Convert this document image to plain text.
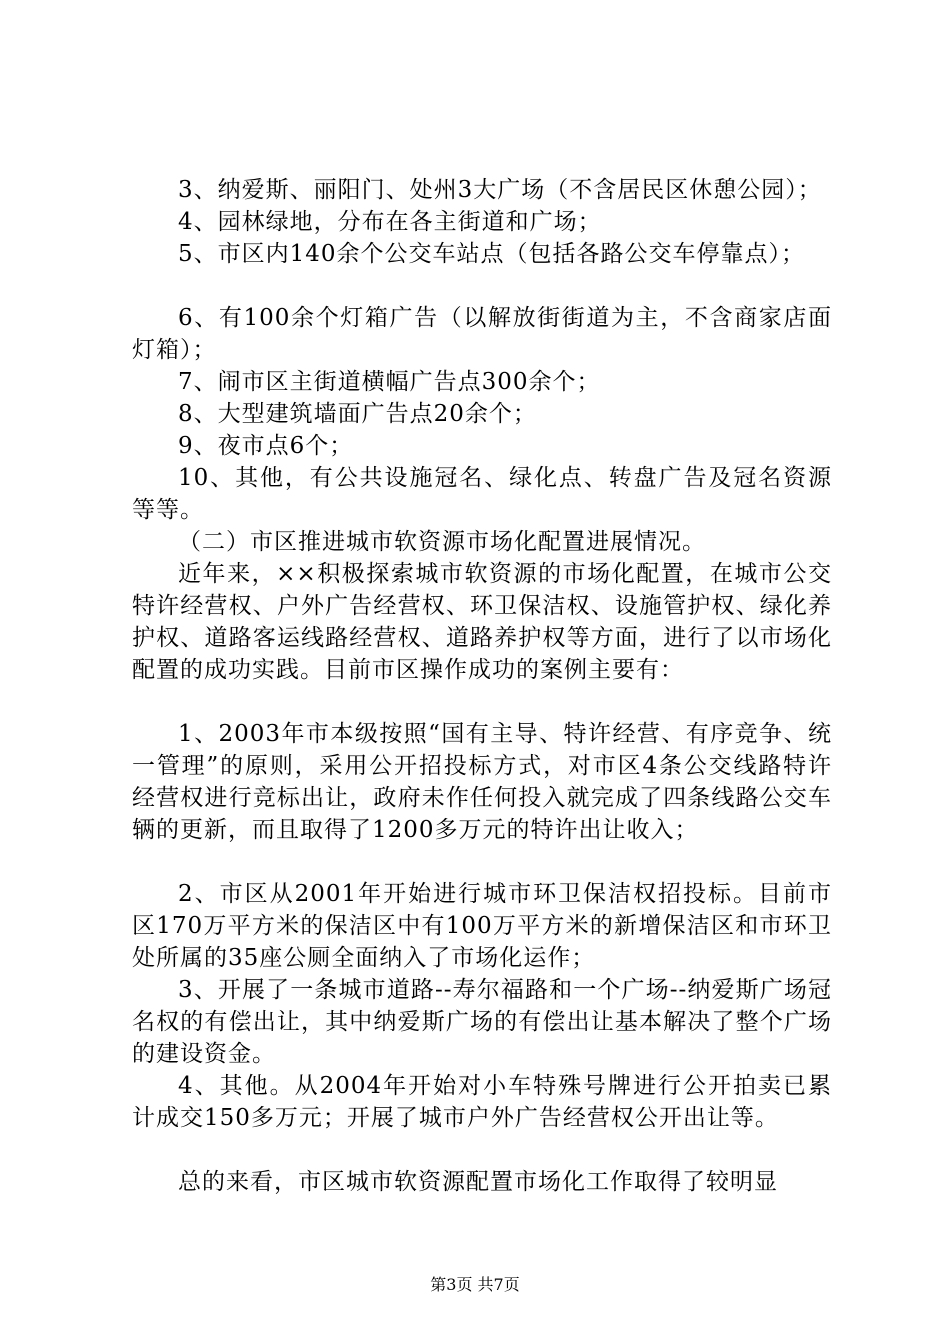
3、纳爱斯、丽阳门、处州3大广场（不含居民区休憩公园）；

4、园林绿地，分布在各主街道和广场；

5、市区内140余个公交车站点（包括各路公交车停靠点）；

6、有100余个灯箱广告（以解放街街道为主，不含商家店面灯箱）；

7、闹市区主街道横幅广告点300余个；

8、大型建筑墙面广告点20余个；

9、夜市点6个；

10、其他，有公共设施冠名、绿化点、转盘广告及冠名资源等等。

（二）市区推进城市软资源市场化配置进展情况。

近年来，××积极探索城市软资源的市场化配置，在城市公交特许经营权、户外广告经营权、环卫保洁权、设施管护权、绿化养护权、道路客运线路经营权、道路养护权等方面，进行了以市场化配置的成功实践。目前市区操作成功的案例主要有：

1、2003年市本级按照“国有主导、特许经营、有序竞争、统一管理”的原则，采用公开招投标方式，对市区4条公交线路特许经营权进行竞标出让，政府未作任何投入就完成了四条线路公交车辆的更新，而且取得了1200多万元的特许出让收入；

2、市区从2001年开始进行城市环卫保洁权招投标。目前市区170万平方米的保洁区中有100万平方米的新增保洁区和市环卫处所属的35座公厕全面纳入了市场化运作；

3、开展了一条城市道路--寿尔福路和一个广场--纳爱斯广场冠名权的有偿出让，其中纳爱斯广场的有偿出让基本解决了整个广场的建设资金。

4、其他。从2004年开始对小车特殊号牌进行公开拍卖已累计成交150多万元；开展了城市户外广告经营权公开出让等。

总的来看，市区城市软资源配置市场化工作取得了较明显

第3页 共7页
